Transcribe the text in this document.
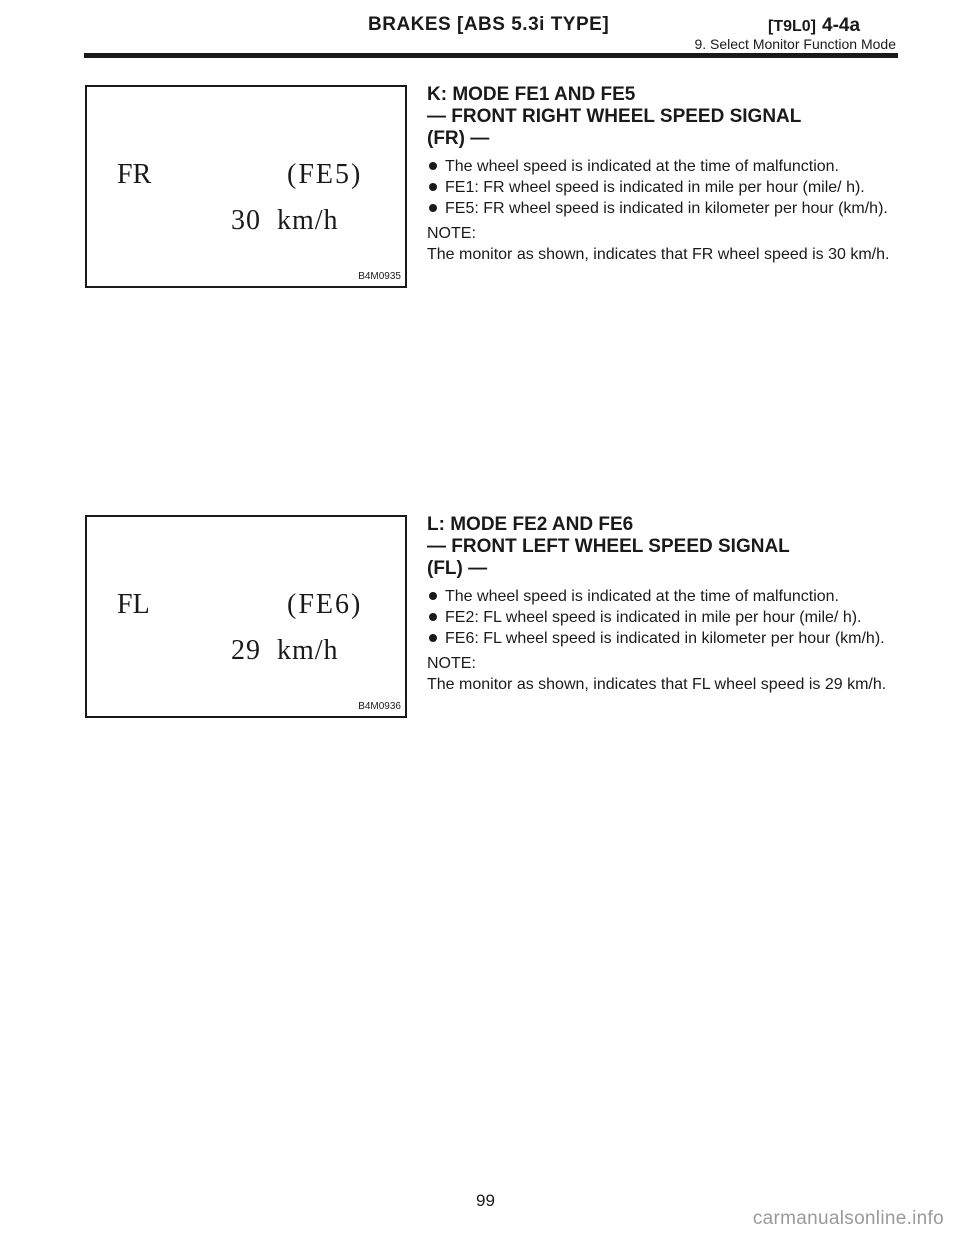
BRAKES [ABS 5.3i TYPE]	[T9L0] 4-4a
9. Select Monitor Function Mode
FR	(FE5)
30  km/h
B4M0935
K: MODE FE1 AND FE5
— FRONT RIGHT WHEEL SPEED SIGNAL
(FR) —

The wheel speed is indicated at the time of malfunction.

FE1: FR wheel speed is indicated in mile per hour (mile/ h).

FE5: FR wheel speed is indicated in kilometer per hour (km/h).

NOTE:
The monitor as shown, indicates that FR wheel speed is 30 km/h.
FL	(FE6)
29  km/h
B4M0936
L: MODE FE2 AND FE6
— FRONT LEFT WHEEL SPEED SIGNAL
(FL) —

The wheel speed is indicated at the time of malfunction.

FE2: FL wheel speed is indicated in mile per hour (mile/ h).

FE6: FL wheel speed is indicated in kilometer per hour (km/h).

NOTE:
The monitor as shown, indicates that FL wheel speed is 29 km/h.
99
carmanualsonline.info
